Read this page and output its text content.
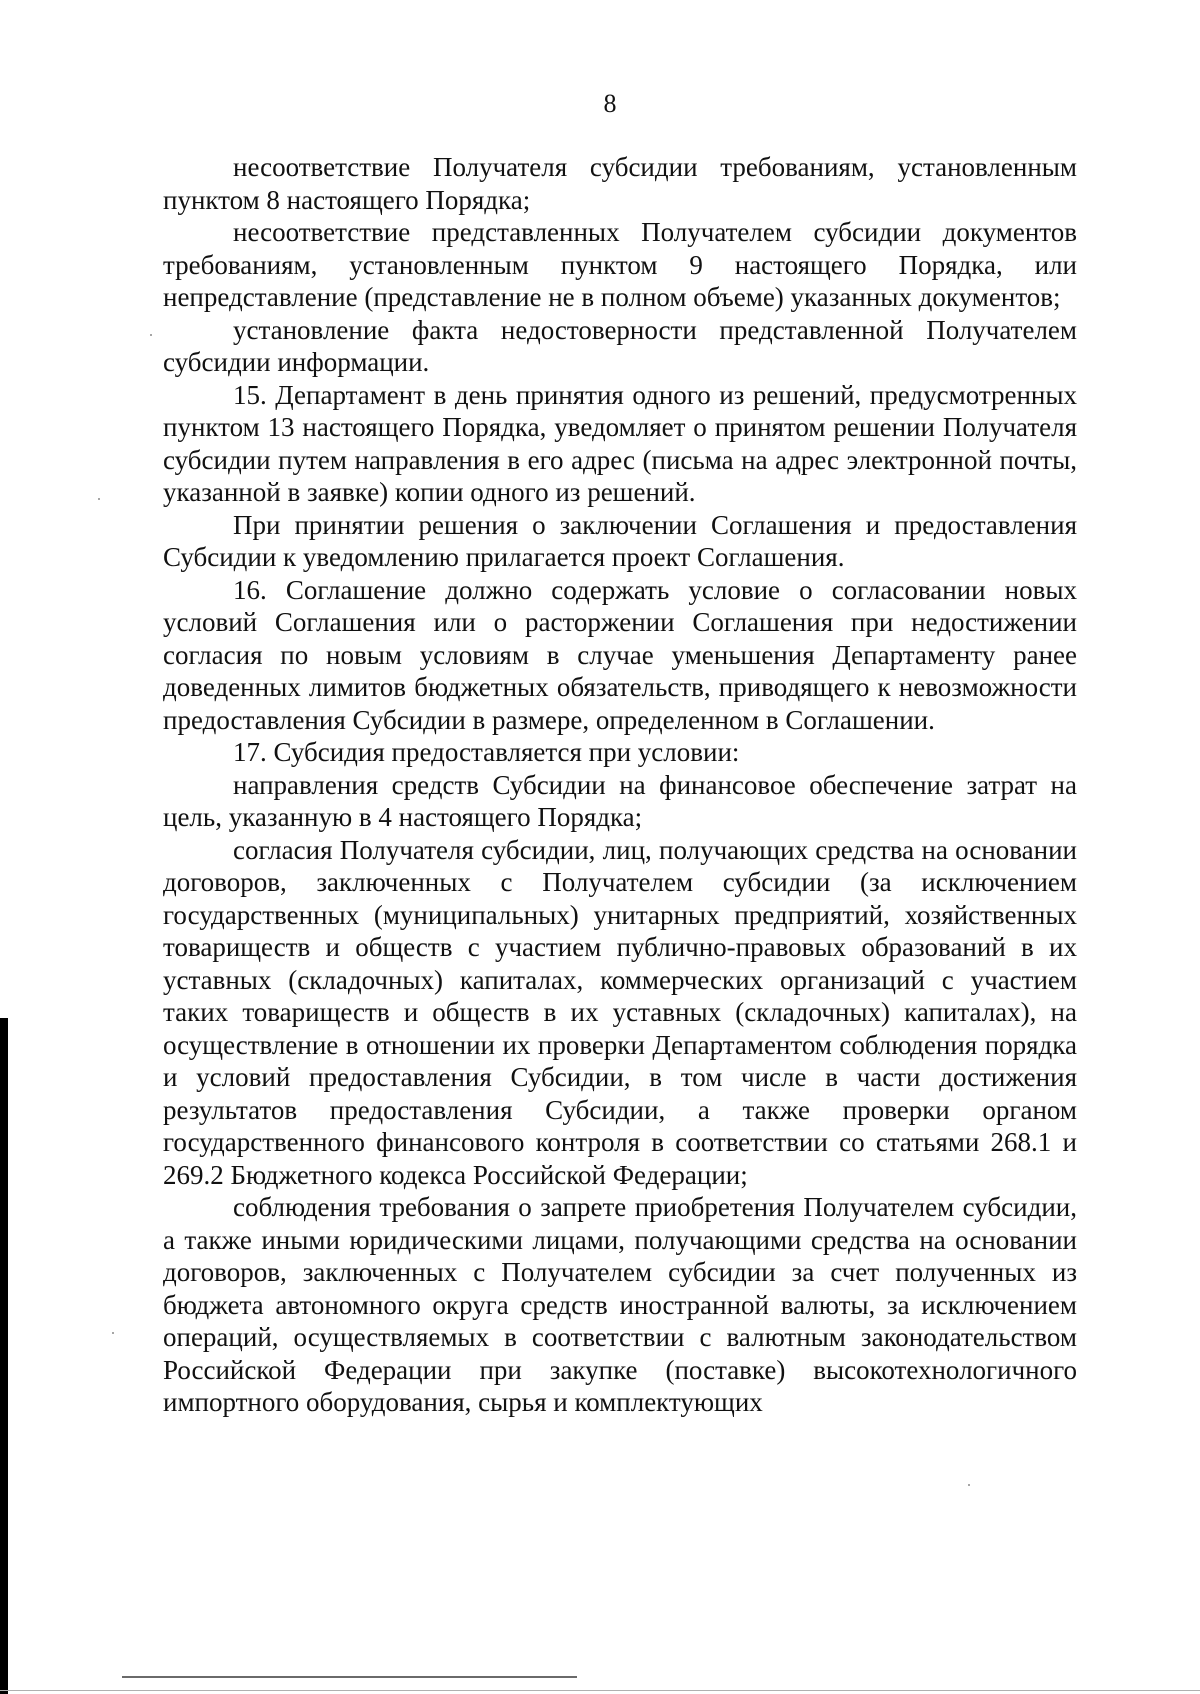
8

несоответствие Получателя субсидии требованиям, установленным пунктом 8 настоящего Порядка;

несоответствие представленных Получателем субсидии документов требованиям, установленным пунктом 9 настоящего Порядка, или непредставление (представление не в полном объеме) указанных документов;

установление факта недостоверности представленной Получателем субсидии информации.

15. Департамент в день принятия одного из решений, предусмотренных пунктом 13 настоящего Порядка, уведомляет о принятом решении Получателя субсидии путем направления в его адрес (письма на адрес электронной почты, указанной в заявке) копии одного из решений.

При принятии решения о заключении Соглашения и предоставления Субсидии к уведомлению прилагается проект Соглашения.

16. Соглашение должно содержать условие о согласовании новых условий Соглашения или о расторжении Соглашения при недостижении согласия по новым условиям в случае уменьшения Департаменту ранее доведенных лимитов бюджетных обязательств, приводящего к невозможности предоставления Субсидии в размере, определенном в Соглашении.

17. Субсидия предоставляется при условии:

направления средств Субсидии на финансовое обеспечение затрат на цель, указанную в 4 настоящего Порядка;

согласия Получателя субсидии, лиц, получающих средства на основании договоров, заключенных с Получателем субсидии (за исключением государственных (муниципальных) унитарных предприятий, хозяйственных товариществ и обществ с участием публично-правовых образований в их уставных (складочных) капиталах, коммерческих организаций с участием таких товариществ и обществ в их уставных (складочных) капиталах), на осуществление в отношении их проверки Департаментом соблюдения порядка и условий предоставления Субсидии, в том числе в части достижения результатов предоставления Субсидии, а также проверки органом государственного финансового контроля в соответствии со статьями 268.1 и 269.2 Бюджетного кодекса Российской Федерации;

соблюдения требования о запрете приобретения Получателем субсидии, а также иными юридическими лицами, получающими средства на основании договоров, заключенных с Получателем субсидии за счет полученных из бюджета автономного округа средств иностранной валюты, за исключением операций, осуществляемых в соответствии с валютным законодательством Российской Федерации при закупке (поставке) высокотехнологичного импортного оборудования, сырья и комплектующих
